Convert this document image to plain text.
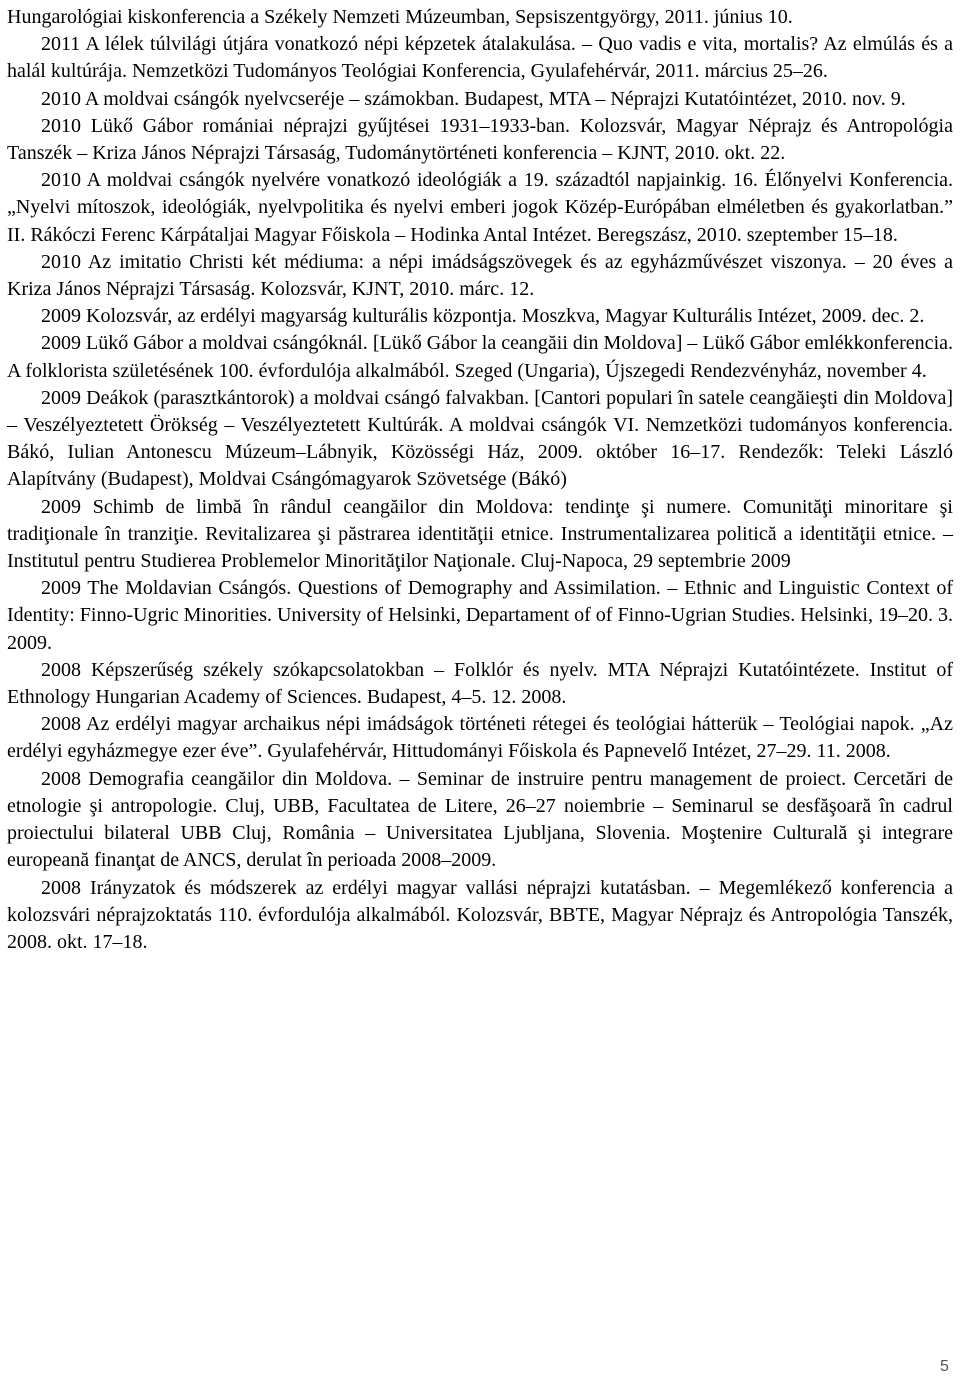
Hungarológiai kiskonferencia a Székely Nemzeti Múzeumban, Sepsiszentgyörgy, 2011. június 10.

2011 A lélek túlvilági útjára vonatkozó népi képzetek átalakulása. – Quo vadis e vita, mortalis? Az elmúlás és a halál kultúrája. Nemzetközi Tudományos Teológiai Konferencia, Gyulafehérvár, 2011. március 25–26.

2010 A moldvai csángók nyelvcseréje – számokban. Budapest, MTA – Néprajzi Kutatóintézet, 2010. nov. 9.

2010 Lükő Gábor romániai néprajzi gyűjtései 1931–1933-ban. Kolozsvár, Magyar Néprajz és Antropológia Tanszék – Kriza János Néprajzi Társaság, Tudománytörténeti konferencia – KJNT, 2010. okt. 22.

2010 A moldvai csángók nyelvére vonatkozó ideológiák a 19. századtól napjainkig. 16. Élőnyelvi Konferencia. „Nyelvi mítoszok, ideológiák, nyelvpolitika és nyelvi emberi jogok Közép-Európában elméletben és gyakorlatban.” II. Rákóczi Ferenc Kárpátaljai Magyar Főiskola – Hodinka Antal Intézet. Beregszász, 2010. szeptember 15–18.

2010 Az imitatio Christi két médiuma: a népi imádságszövegek és az egyházművészet viszonya. – 20 éves a Kriza János Néprajzi Társaság. Kolozsvár, KJNT, 2010. márc. 12.

2009 Kolozsvár, az erdélyi magyarság kulturális központja. Moszkva, Magyar Kulturális Intézet, 2009. dec. 2.

2009 Lükő Gábor a moldvai csángóknál. [Lükő Gábor la ceangăii din Moldova] – Lükő Gábor emlékkonferencia. A folklorista születésének 100. évfordulója alkalmából. Szeged (Ungaria), Újszegedi Rendezvényház, november 4.

2009 Deákok (parasztkántorok) a moldvai csángó falvakban. [Cantori populari în satele ceangăieşti din Moldova] – Veszélyeztetett Örökség – Veszélyeztetett Kultúrák. A moldvai csángók VI. Nemzetközi tudományos konferencia. Bákó, Iulian Antonescu Múzeum–Lábnyik, Közösségi Ház, 2009. október 16–17. Rendezők: Teleki László Alapítvány (Budapest), Moldvai Csángómagyarok Szövetsége (Bákó)

2009 Schimb de limbă în rândul ceangăilor din Moldova: tendinţe şi numere. Comunităţi minoritare şi tradiţionale în tranziţie. Revitalizarea şi păstrarea identităţii etnice. Instrumentalizarea politică a identităţii etnice. – Institutul pentru Studierea Problemelor Minorităţilor Naţionale. Cluj-Napoca, 29 septembrie 2009

2009 The Moldavian Csángós. Questions of Demography and Assimilation. – Ethnic and Linguistic Context of Identity: Finno-Ugric Minorities. University of Helsinki, Departament of of Finno-Ugrian Studies. Helsinki, 19–20. 3. 2009.

2008 Képszerűség székely szókapcsolatokban – Folklór és nyelv. MTA Néprajzi Kutatóintézete. Institut of Ethnology Hungarian Academy of Sciences. Budapest, 4–5. 12. 2008.

2008 Az erdélyi magyar archaikus népi imádságok történeti rétegei és teológiai hátterük – Teológiai napok. „Az erdélyi egyházmegye ezer éve”. Gyulafehérvár, Hittudományi Főiskola és Papnevelő Intézet, 27–29. 11. 2008.

2008 Demografia ceangăilor din Moldova. – Seminar de instruire pentru management de proiect. Cercetări de etnologie şi antropologie. Cluj, UBB, Facultatea de Litere, 26–27 noiembrie – Seminarul se desfăşoară în cadrul proiectului bilateral UBB Cluj, România – Universitatea Ljubljana, Slovenia. Moştenire Culturală şi integrare europeană finanţat de ANCS, derulat în perioada 2008–2009.

2008 Irányzatok és módszerek az erdélyi magyar vallási néprajzi kutatásban. – Megemlékező konferencia a kolozsvári néprajzoktatás 110. évfordulója alkalmából. Kolozsvár, BBTE, Magyar Néprajz és Antropológia Tanszék, 2008. okt. 17–18.

5
